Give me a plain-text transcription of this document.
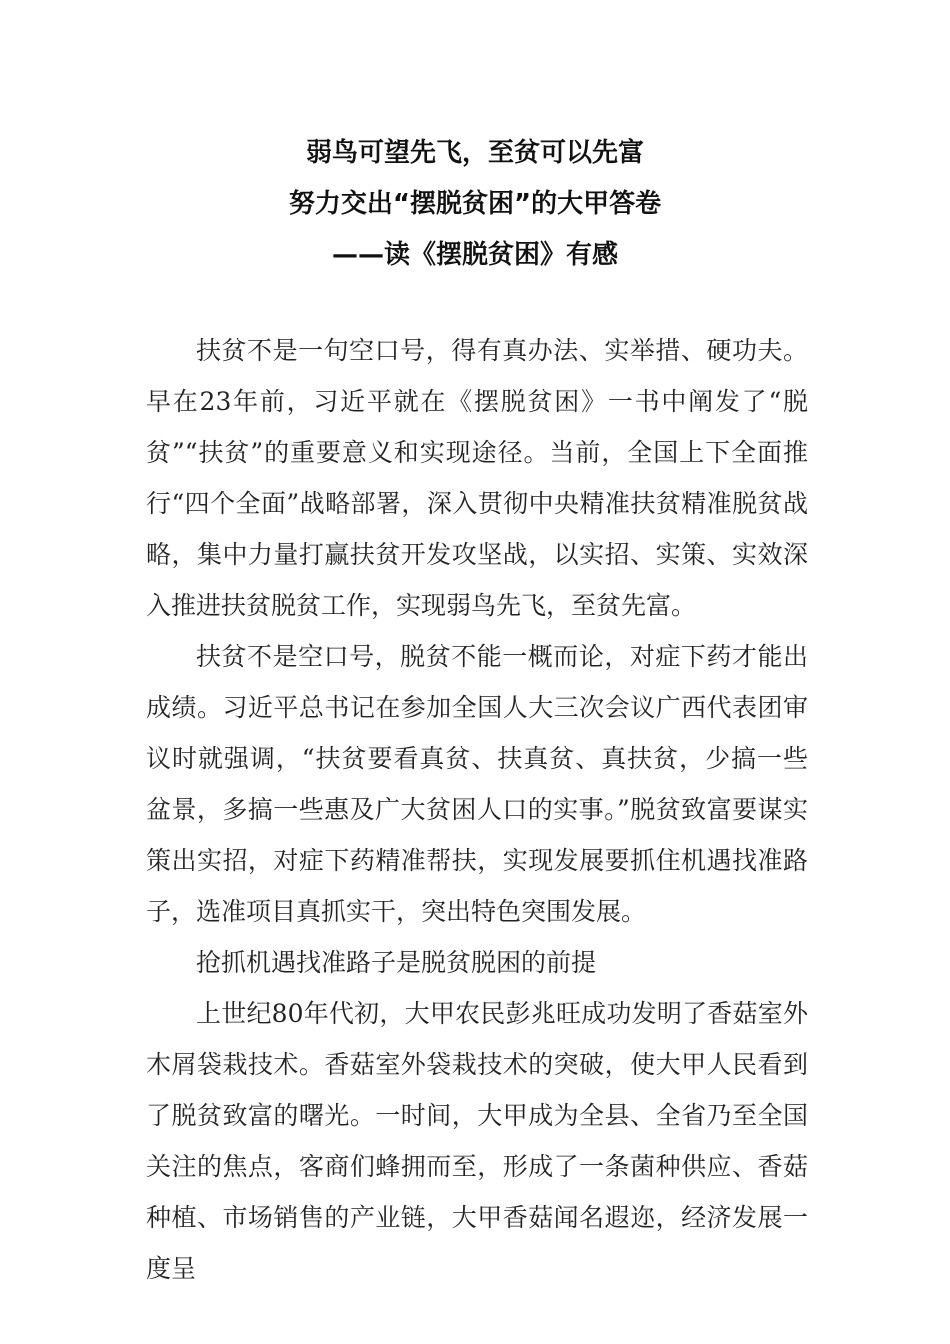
弱鸟可望先飞，至贫可以先富
努力交出“摆脱贫困”的大甲答卷
——读《摆脱贫困》有感

扶贫不是一句空口号，得有真办法、实举措、硬功夫。早在23年前，习近平就在《摆脱贫困》一书中阐发了“脱贫”“扶贫”的重要意义和实现途径。当前，全国上下全面推行“四个全面”战略部署，深入贯彻中央精准扶贫精准脱贫战略，集中力量打赢扶贫开发攻坚战，以实招、实策、实效深入推进扶贫脱贫工作，实现弱鸟先飞，至贫先富。

扶贫不是空口号，脱贫不能一概而论，对症下药才能出成绩。习近平总书记在参加全国人大三次会议广西代表团审议时就强调，“扶贫要看真贫、扶真贫、真扶贫，少搞一些盆景，多搞一些惠及广大贫困人口的实事。”脱贫致富要谋实策出实招，对症下药精准帮扶，实现发展要抓住机遇找准路子，选准项目真抓实干，突出特色突围发展。

抢抓机遇找准路子是脱贫脱困的前提

上世纪80年代初，大甲农民彭兆旺成功发明了香菇室外木屑袋栽技术。香菇室外袋栽技术的突破，使大甲人民看到了脱贫致富的曙光。一时间，大甲成为全县、全省乃至全国关注的焦点，客商们蜂拥而至，形成了一条菌种供应、香菇种植、市场销售的产业链，大甲香菇闻名遐迩，经济发展一度呈
